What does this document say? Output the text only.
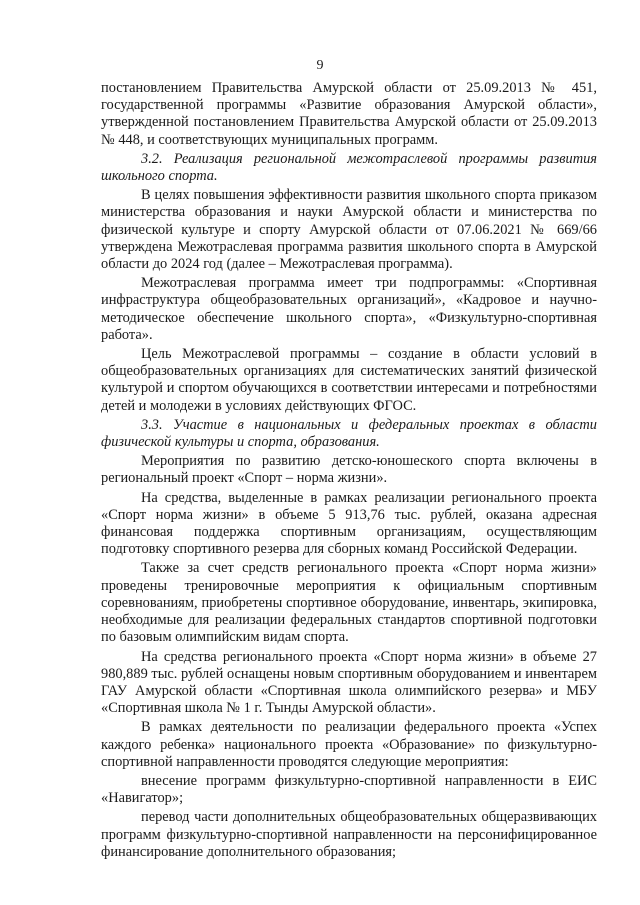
9

постановлением Правительства Амурской области от 25.09.2013 № 451, государственной программы «Развитие образования Амурской области», утвержденной постановлением Правительства Амурской области от 25.09.2013 № 448, и соответствующих муниципальных программ.

3.2. Реализация региональной межотраслевой программы развития школьного спорта.

В целях повышения эффективности развития школьного спорта приказом министерства образования и науки Амурской области и министерства по физической культуре и спорту Амурской области от 07.06.2021 № 669/66 утверждена Межотраслевая программа развития школьного спорта в Амурской области до 2024 год (далее – Межотраслевая программа).

Межотраслевая программа имеет три подпрограммы: «Спортивная инфраструктура общеобразовательных организаций», «Кадровое и научно-методическое обеспечение школьного спорта», «Физкультурно-спортивная работа».

Цель Межотраслевой программы – создание в области условий в общеобразовательных организациях для систематических занятий физической культурой и спортом обучающихся в соответствии интересами и потребностями детей и молодежи в условиях действующих ФГОС.

3.3. Участие в национальных и федеральных проектах в области физической культуры и спорта, образования.

Мероприятия по развитию детско-юношеского спорта включены в региональный проект «Спорт – норма жизни».

На средства, выделенные в рамках реализации регионального проекта «Спорт норма жизни» в объеме 5 913,76 тыс. рублей, оказана адресная финансовая поддержка спортивным организациям, осуществляющим подготовку спортивного резерва для сборных команд Российской Федерации.

Также за счет средств регионального проекта «Спорт норма жизни» проведены тренировочные мероприятия к официальным спортивным соревнованиям, приобретены спортивное оборудование, инвентарь, экипировка, необходимые для реализации федеральных стандартов спортивной подготовки по базовым олимпийским видам спорта.

На средства регионального проекта «Спорт норма жизни» в объеме 27 980,889 тыс. рублей оснащены новым спортивным оборудованием и инвентарем ГАУ Амурской области «Спортивная школа олимпийского резерва» и МБУ «Спортивная школа № 1 г. Тынды Амурской области».

В рамках деятельности по реализации федерального проекта «Успех каждого ребенка» национального проекта «Образование» по физкультурно-спортивной направленности проводятся следующие мероприятия:

внесение программ физкультурно-спортивной направленности в ЕИС «Навигатор»;

перевод части дополнительных общеобразовательных общеразвивающих программ физкультурно-спортивной направленности на персонифицированное финансирование дополнительного образования;
